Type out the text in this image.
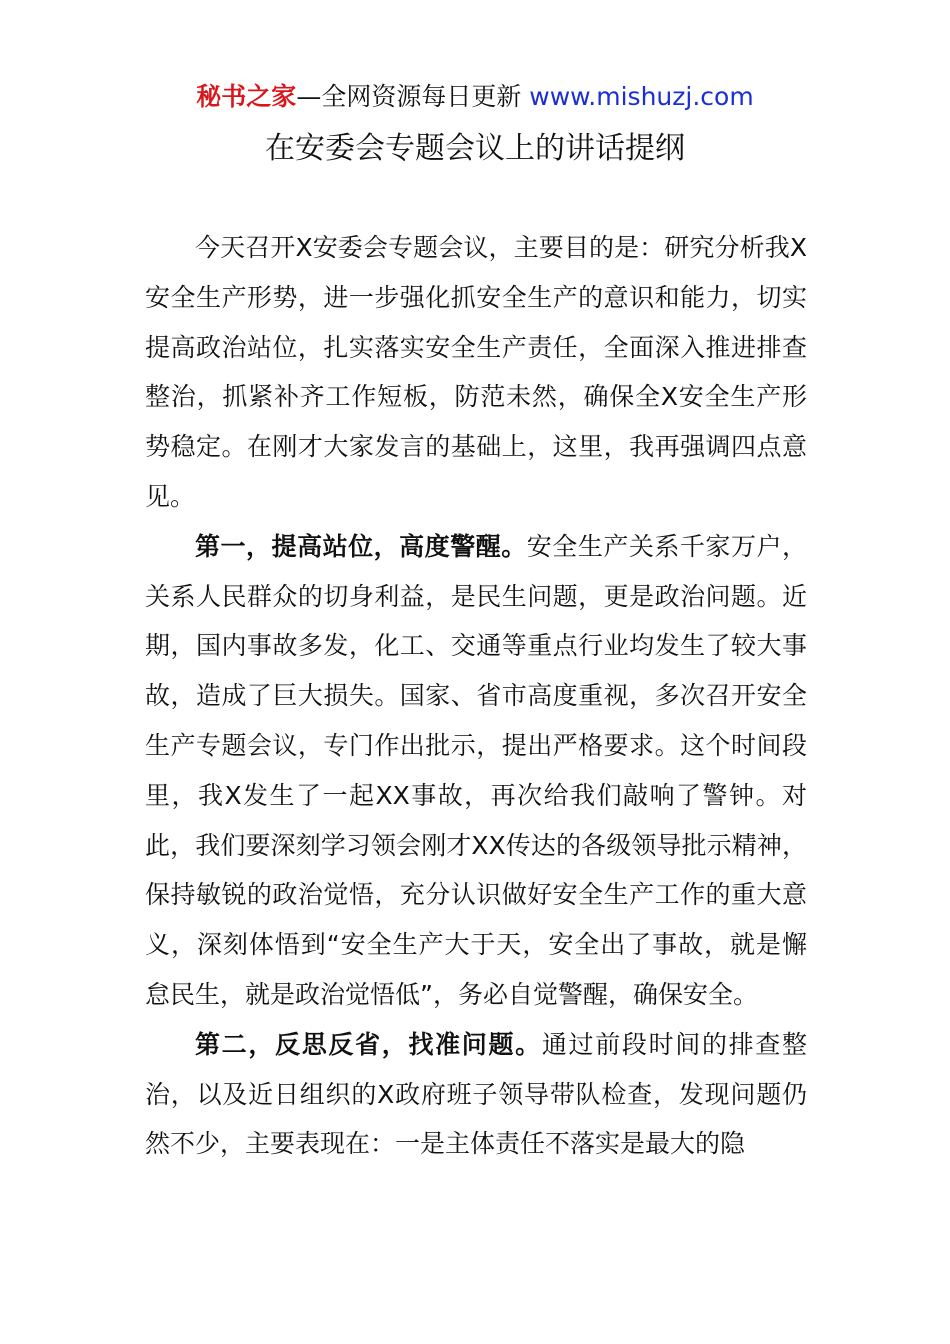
秘书之家—全网资源每日更新 www.mishuzj.com
在安委会专题会议上的讲话提纲

今天召开X安委会专题会议，主要目的是：研究分析我X安全生产形势，进一步强化抓安全生产的意识和能力，切实提高政治站位，扎实落实安全生产责任，全面深入推进排查整治，抓紧补齐工作短板，防范未然，确保全X安全生产形势稳定。在刚才大家发言的基础上，这里，我再强调四点意见。

第一，提高站位，高度警醒。安全生产关系千家万户，关系人民群众的切身利益，是民生问题，更是政治问题。近期，国内事故多发，化工、交通等重点行业均发生了较大事故，造成了巨大损失。国家、省市高度重视，多次召开安全生产专题会议，专门作出批示，提出严格要求。这个时间段里，我X发生了一起XX事故，再次给我们敲响了警钟。对此，我们要深刻学习领会刚才XX传达的各级领导批示精神，保持敏锐的政治觉悟，充分认识做好安全生产工作的重大意义，深刻体悟到“安全生产大于天，安全出了事故，就是懈怠民生，就是政治觉悟低”，务必自觉警醒，确保安全。

第二，反思反省，找准问题。通过前段时间的排查整治，以及近日组织的X政府班子领导带队检查，发现问题仍然不少，主要表现在：一是主体责任不落实是最大的隐
